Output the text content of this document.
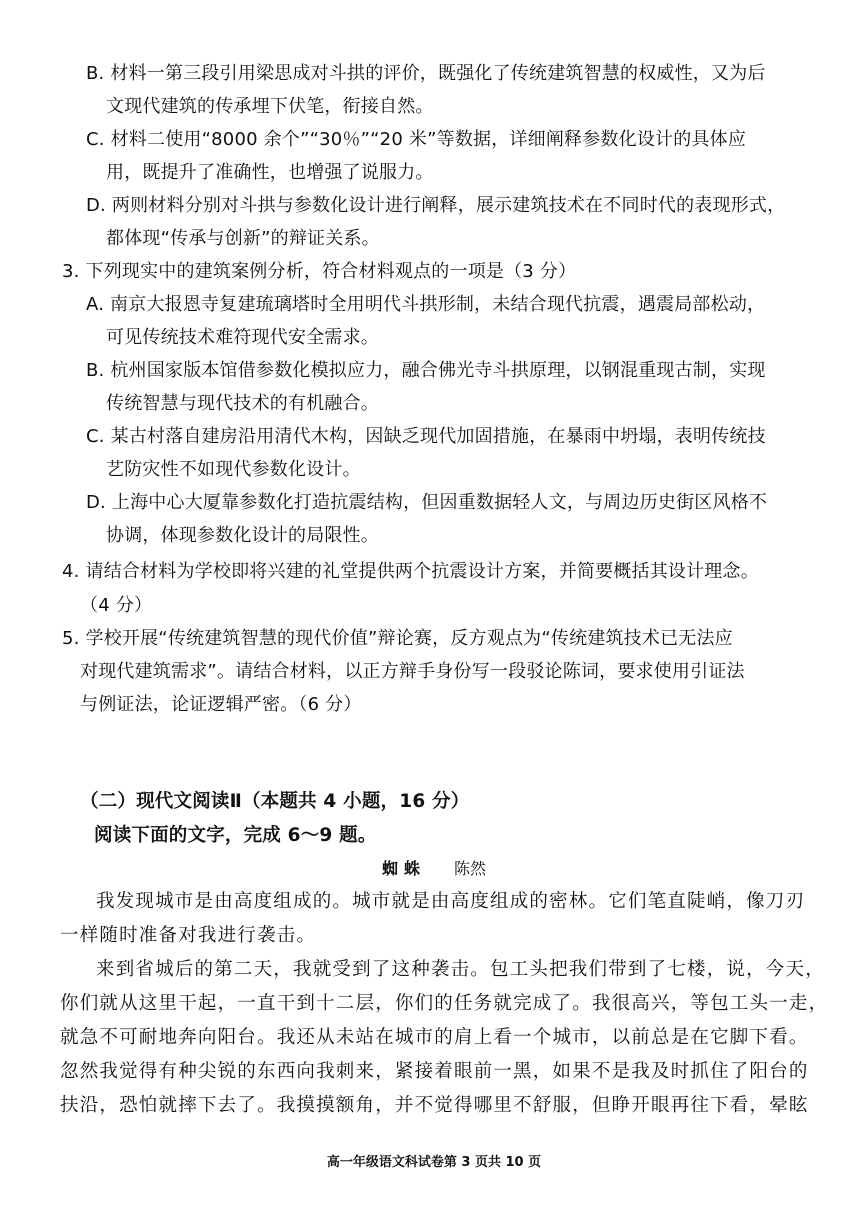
B. 材料一第三段引用梁思成对斗拱的评价，既强化了传统建筑智慧的权威性，又为后
文现代建筑的传承埋下伏笔，衔接自然。
C. 材料二使用“8000 余个”“30％”“20 米”等数据，详细阐释参数化设计的具体应
用，既提升了准确性，也增强了说服力。
D. 两则材料分别对斗拱与参数化设计进行阐释，展示建筑技术在不同时代的表现形式，
都体现“传承与创新”的辩证关系。
3. 下列现实中的建筑案例分析，符合材料观点的一项是（3 分）
A. 南京大报恩寺复建琉璃塔时全用明代斗拱形制，未结合现代抗震，遇震局部松动，
可见传统技术难符现代安全需求。
B. 杭州国家版本馆借参数化模拟应力，融合佛光寺斗拱原理，以钢混重现古制，实现
传统智慧与现代技术的有机融合。
C. 某古村落自建房沿用清代木构，因缺乏现代加固措施，在暴雨中坍塌，表明传统技
艺防灾性不如现代参数化设计。
D. 上海中心大厦靠参数化打造抗震结构，但因重数据轻人文，与周边历史街区风格不
协调，体现参数化设计的局限性。
4. 请结合材料为学校即将兴建的礼堂提供两个抗震设计方案，并简要概括其设计理念。
（4 分）
5. 学校开展“传统建筑智慧的现代价值”辩论赛，反方观点为“传统建筑技术已无法应
对现代建筑需求”。请结合材料，以正方辩手身份写一段驳论陈词，要求使用引证法
与例证法，论证逻辑严密。（6 分）
（二）现代文阅读Ⅱ（本题共 4 小题，16 分）
阅读下面的文字，完成 6～9 题。
蜘蛛 陈然
我发现城市是由高度组成的。城市就是由高度组成的密林。它们笔直陡峭，像刀刃
一样随时准备对我进行袭击。
来到省城后的第二天，我就受到了这种袭击。包工头把我们带到了七楼，说，今天，
你们就从这里干起，一直干到十二层，你们的任务就完成了。我很高兴，等包工头一走，
就急不可耐地奔向阳台。我还从未站在城市的肩上看一个城市，以前总是在它脚下看。
忽然我觉得有种尖锐的东西向我刺来，紧接着眼前一黑，如果不是我及时抓住了阳台的
扶沿，恐怕就摔下去了。我摸摸额角，并不觉得哪里不舒服，但睁开眼再往下看，晕眩
高一年级语文科试卷第 3 页共 10 页
